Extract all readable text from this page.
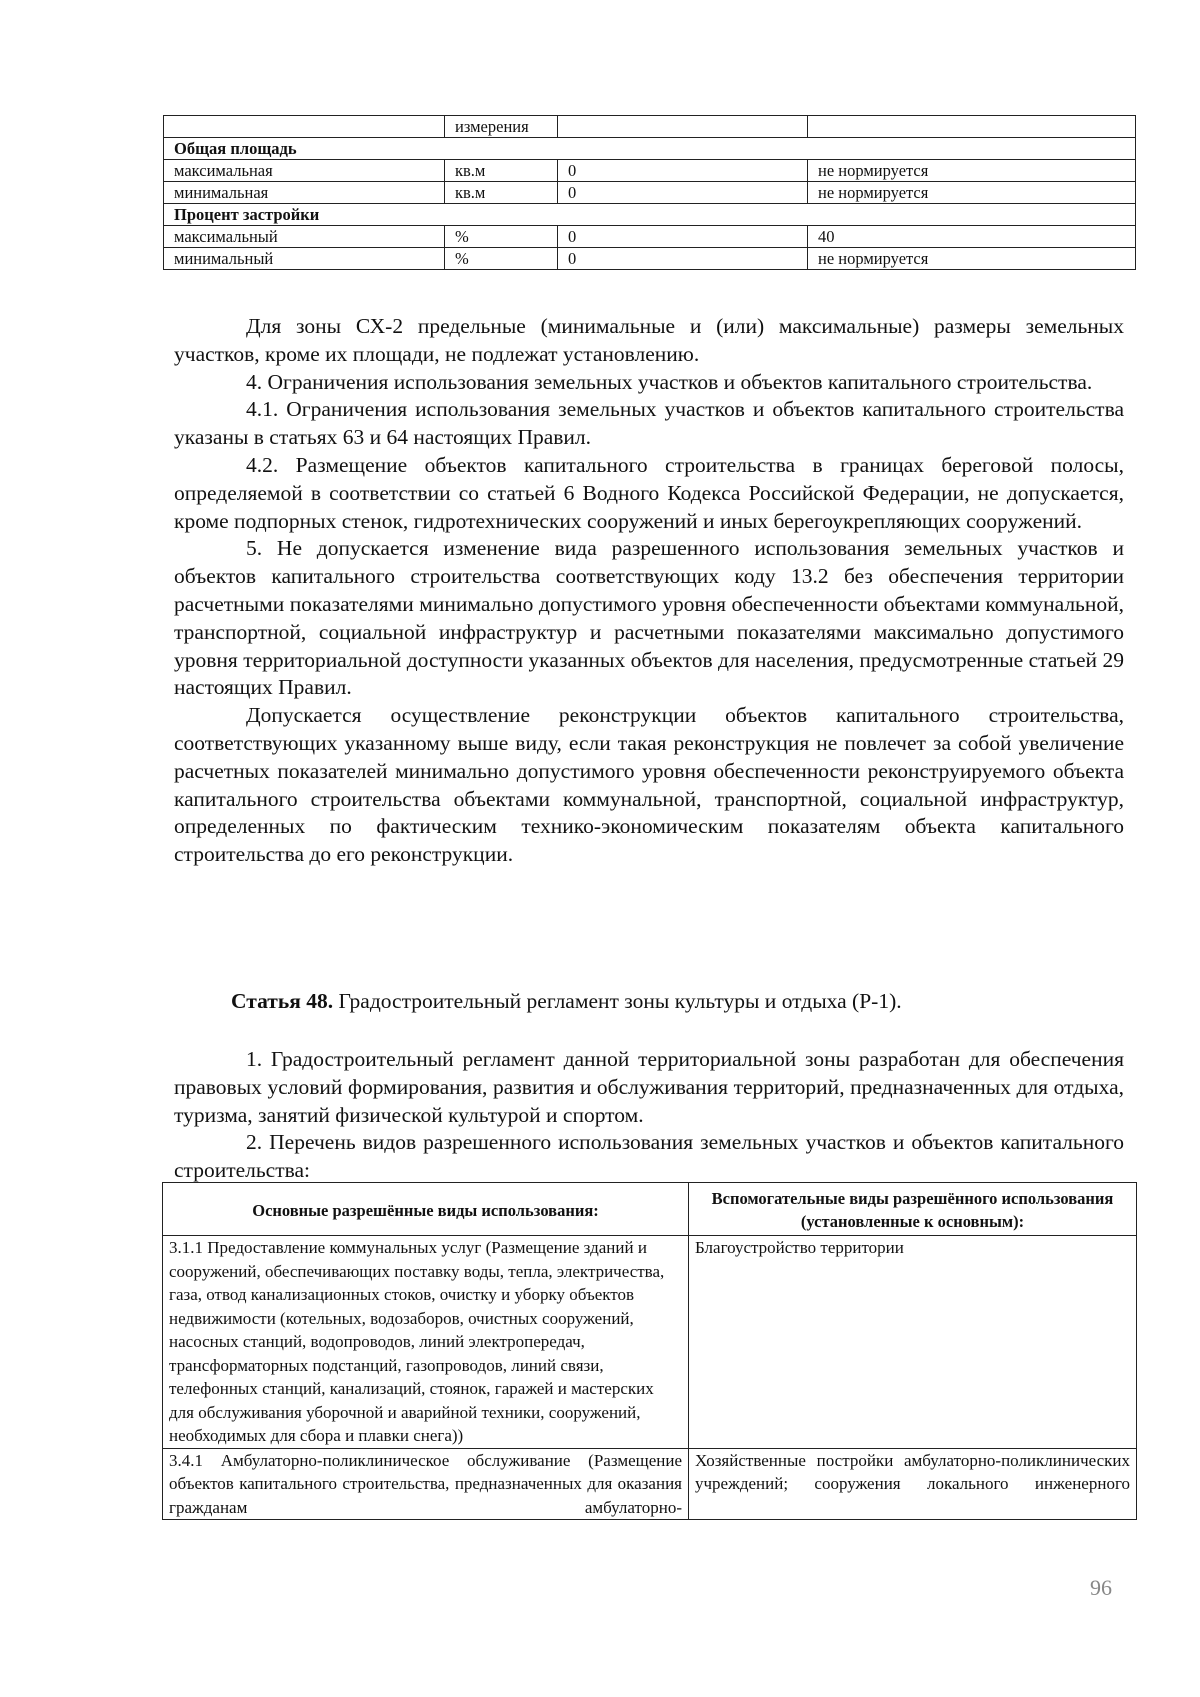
	измерения		
Общая площадь			
максимальная	кв.м	0	не нормируется
минимальная	кв.м	0	не нормируется
Процент застройки			
максимальный	%	0	40
минимальный	%	0	не нормируется

Для зоны СХ-2 предельные (минимальные и (или) максимальные) размеры земельных участков, кроме их площади, не подлежат установлению.

4. Ограничения использования земельных участков и объектов капитального строительства.

4.1. Ограничения использования земельных участков и объектов капитального строительства указаны в статьях 63 и 64 настоящих Правил.

4.2. Размещение объектов капитального строительства в границах береговой полосы, определяемой в соответствии со статьей 6 Водного Кодекса Российской Федерации, не допускается, кроме подпорных стенок, гидротехнических сооружений и иных берегоукрепляющих сооружений.

5. Не допускается изменение вида разрешенного использования земельных участков и объектов капитального строительства соответствующих коду 13.2 без обеспечения территории расчетными показателями минимально допустимого уровня обеспеченности объектами коммунальной, транспортной, социальной инфраструктур и расчетными показателями максимально допустимого уровня территориальной доступности указанных объектов для населения, предусмотренные статьей 29 настоящих Правил.

Допускается осуществление реконструкции объектов капитального строительства, соответствующих указанному выше виду, если такая реконструкция не повлечет за собой увеличение расчетных показателей минимально допустимого уровня обеспеченности реконструируемого объекта капитального строительства объектами коммунальной, транспортной, социальной инфраструктур, определенных по фактическим технико-экономическим показателям объекта капитального строительства до его реконструкции.

Статья 48. Градостроительный регламент зоны культуры и отдыха (Р-1).

1. Градостроительный регламент данной территориальной зоны разработан для обеспечения правовых условий формирования, развития и обслуживания территорий, предназначенных для отдыха, туризма, занятий физической культурой и спортом.

2. Перечень видов разрешенного использования земельных участков и объектов капитального строительства:

Основные разрешённые виды использования:	Вспомогательные виды разрешённого использования (установленные к основным):
3.1.1 Предоставление коммунальных услуг (Размещение зданий и сооружений, обеспечивающих поставку воды, тепла, электричества, газа, отвод канализационных стоков, очистку и уборку объектов недвижимости (котельных, водозаборов, очистных сооружений, насосных станций, водопроводов, линий электропередач, трансформаторных подстанций, газопроводов, линий связи, телефонных станций, канализаций, стоянок, гаражей и мастерских для обслуживания уборочной и аварийной техники, сооружений, необходимых для сбора и плавки снега))	Благоустройство территории
3.4.1 Амбулаторно-поликлиническое обслуживание (Размещение объектов капитального строительства, предназначенных для оказания гражданам амбулаторно-	Хозяйственные постройки амбулаторно-поликлинических учреждений; сооружения локального инженерного
96
